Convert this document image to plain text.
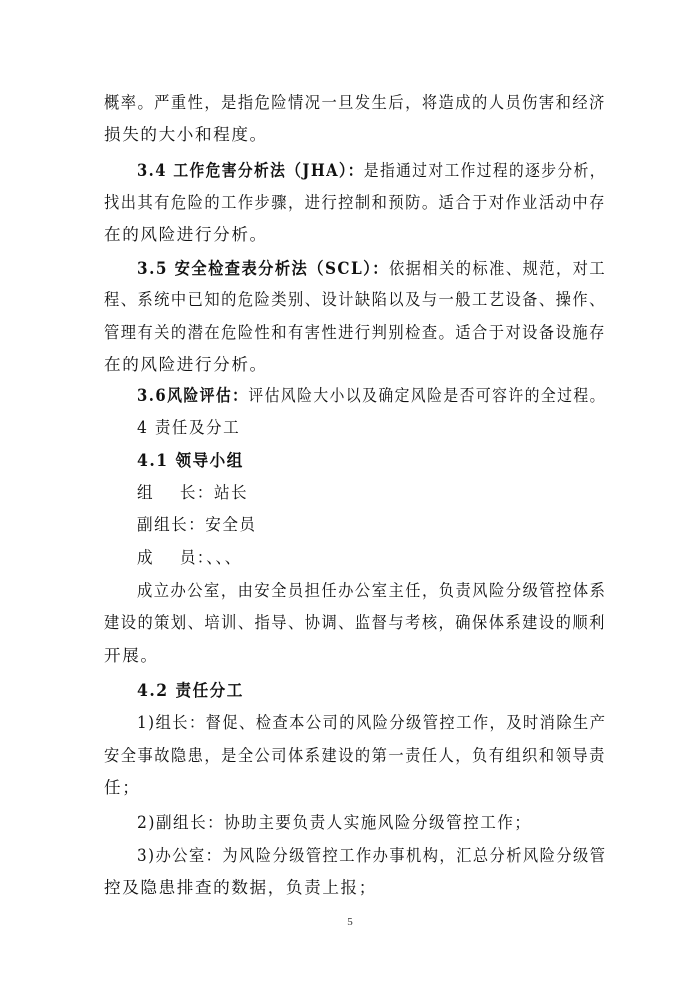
概率。严重性，是指危险情况一旦发生后，将造成的人员伤害和经济
损失的大小和程度。
3.4 工作危害分析法（JHA）：是指通过对工作过程的逐步分析，
找出其有危险的工作步骤，进行控制和预防。适合于对作业活动中存
在的风险进行分析。
3.5 安全检查表分析法（SCL）：依据相关的标准、规范，对工
程、系统中已知的危险类别、设计缺陷以及与一般工艺设备、操作、
管理有关的潜在危险性和有害性进行判别检查。适合于对设备设施存
在的风险进行分析。
3.6风险评估：评估风险大小以及确定风险是否可容许的全过程。
4 责任及分工
4.1 领导小组
组    长：站长
副组长：安全员
成    员：、、、
成立办公室，由安全员担任办公室主任，负责风险分级管控体系
建设的策划、培训、指导、协调、监督与考核，确保体系建设的顺利
开展。
4.2 责任分工
1)组长：督促、检查本公司的风险分级管控工作，及时消除生产
安全事故隐患，是全公司体系建设的第一责任人，负有组织和领导责
任；
2)副组长：协助主要负责人实施风险分级管控工作；
3)办公室：为风险分级管控工作办事机构，汇总分析风险分级管
控及隐患排查的数据，负责上报；
5
